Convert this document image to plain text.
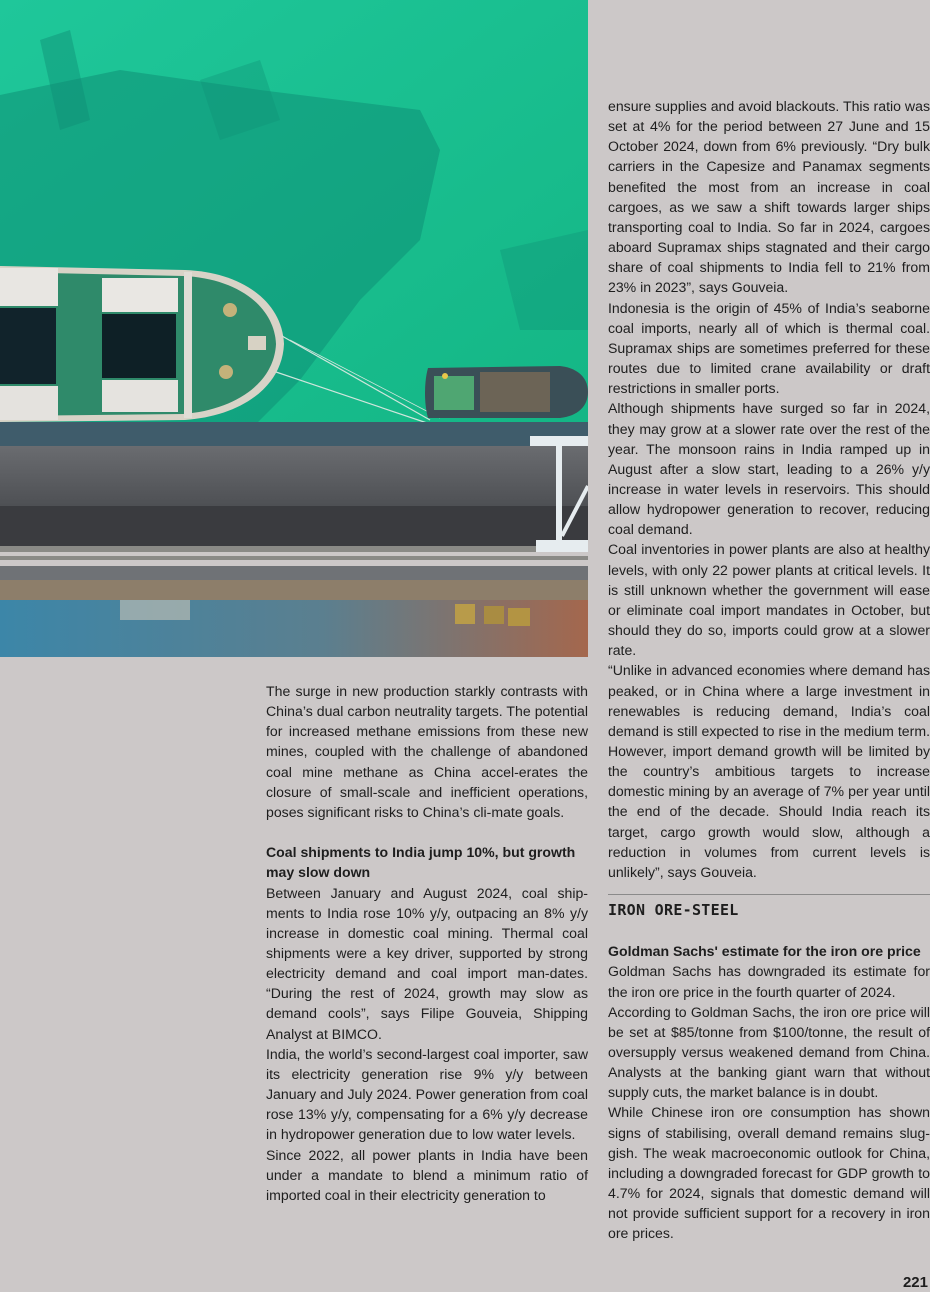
The surge in new production starkly contrasts with China’s dual carbon neutrality targets. The potential for increased methane emissions from these new mines, coupled with the challenge of abandoned coal mine methane as China accel-erates the closure of small-scale and inefficient operations, poses significant risks to China’s cli-mate goals.

Coal shipments to India jump 10%, but growth may slow down

Between January and August 2024, coal ship-ments to India rose 10% y/y, outpacing an 8% y/y increase in domestic coal mining. Thermal coal shipments were a key driver, supported by strong electricity demand and coal import man-dates. “During the rest of 2024, growth may slow as demand cools”, says Filipe Gouveia, Shipping Analyst at BIMCO.

India, the world’s second-largest coal importer, saw its electricity generation rise 9% y/y between January and July 2024. Power generation from coal rose 13% y/y, compensating for a 6% y/y decrease in hydropower generation due to low water levels.

Since 2022, all power plants in India have been under a mandate to blend a minimum ratio of imported coal in their electricity generation to

ensure supplies and avoid blackouts. This ratio was set at 4% for the period between 27 June and 15 October 2024, down from 6% previously. “Dry bulk carriers in the Capesize and Panamax segments benefited the most from an increase in coal cargoes, as we saw a shift towards larger ships transporting coal to India. So far in 2024, cargoes aboard Supramax ships stagnated and their cargo share of coal shipments to India fell to 21% from 23% in 2023”, says Gouveia.

Indonesia is the origin of 45% of India’s seaborne coal imports, nearly all of which is thermal coal. Supramax ships are sometimes preferred for these routes due to limited crane availability or draft restrictions in smaller ports.

Although shipments have surged so far in 2024, they may grow at a slower rate over the rest of the year. The monsoon rains in India ramped up in August after a slow start, leading to a 26% y/y increase in water levels in reservoirs. This should allow hydropower generation to recover, reducing coal demand.

Coal inventories in power plants are also at healthy levels, with only 22 power plants at critical levels. It is still unknown whether the government will ease or eliminate coal import mandates in October, but should they do so, imports could grow at a slower rate.

“Unlike in advanced economies where demand has peaked, or in China where a large investment in renewables is reducing demand, India’s coal demand is still expected to rise in the medium term. However, import demand growth will be limited by the country’s ambitious targets to increase domestic mining by an average of 7% per year until the end of the decade. Should India reach its target, cargo growth would slow, although a reduction in volumes from current levels is unlikely”, says Gouveia.

IRON ORE-STEEL

Goldman Sachs' estimate for the iron ore price

Goldman Sachs has downgraded its estimate for the iron ore price in the fourth quarter of 2024.

According to Goldman Sachs, the iron ore price will be set at $85/tonne from $100/tonne, the result of oversupply versus weakened demand from China. Analysts at the banking giant warn that without supply cuts, the market balance is in doubt.

While Chinese iron ore consumption has shown signs of stabilising, overall demand remains slug-gish. The weak macroeconomic outlook for China, including a downgraded forecast for GDP growth to 4.7% for 2024, signals that domestic demand will not provide sufficient support for a recovery in iron ore prices.

221
